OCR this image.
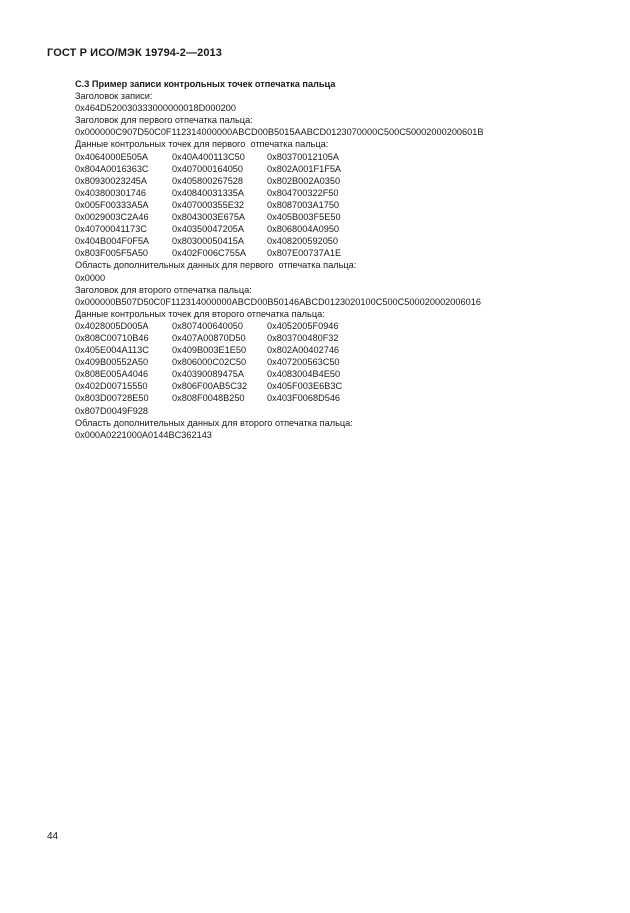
ГОСТ Р ИСО/МЭК 19794-2—2013
С.3 Пример записи контрольных точек отпечатка пальца
Заголовок записи:
0x464D520030333000000018D000200
Заголовок для первого отпечатка пальца:
0x000000C907D50C0F112314000000ABCD00B5015AABCD0123070000C500C50002000200601B
Данные контрольных точек для первого  отпечатка пальца:
0x4064000E505A	0x40A400113C50	0x80370012105A
0x804A0016363C	0x407000164050	0x802A001F1F5A
0x80930023245A	0x405800267528	0x802B002A0350
0x403800301746	0x40840031335A	0x804700322F50
0x005F00333A5A	0x407000355E32	0x8087003A1750
0x0029003C2A46	0x8043003E675A	0x405B003F5E50
0x40700041173C	0x40350047205A	0x8068004A0950
0x404B004F0F5A	0x80300050415A	0x408200592050
0x803F005F5A50	0x402F006C755A	0x807E00737A1E
Область дополнительных данных для первого  отпечатка пальца:
0x0000
Заголовок для второго отпечатка пальца:
0x000000B507D50C0F112314000000ABCD00B50146ABCD0123020100C500C500020002006016
Данные контрольных точек для второго отпечатка пальца:
0x4028005D005A	0x807400640050	0x4052005F0946
0x808C00710B46	0x407A00870D50	0x803700480F32
0x405E004A113C	0x409B003E1E50	0x802A00402746
0x409B00552A50	0x806000C02C50	0x407200563C50
0x808E005A4046	0x40390089475A	0x4083004B4E50
0x402D00715550	0x806F00AB5C32	0x405F003E6B3C
0x803D00728E50	0x808F0048B250	0x403F0068D546
0x807D0049F928
Область дополнительных данных для второго отпечатка пальца:
0x000A0221000A0144BC362143
44
